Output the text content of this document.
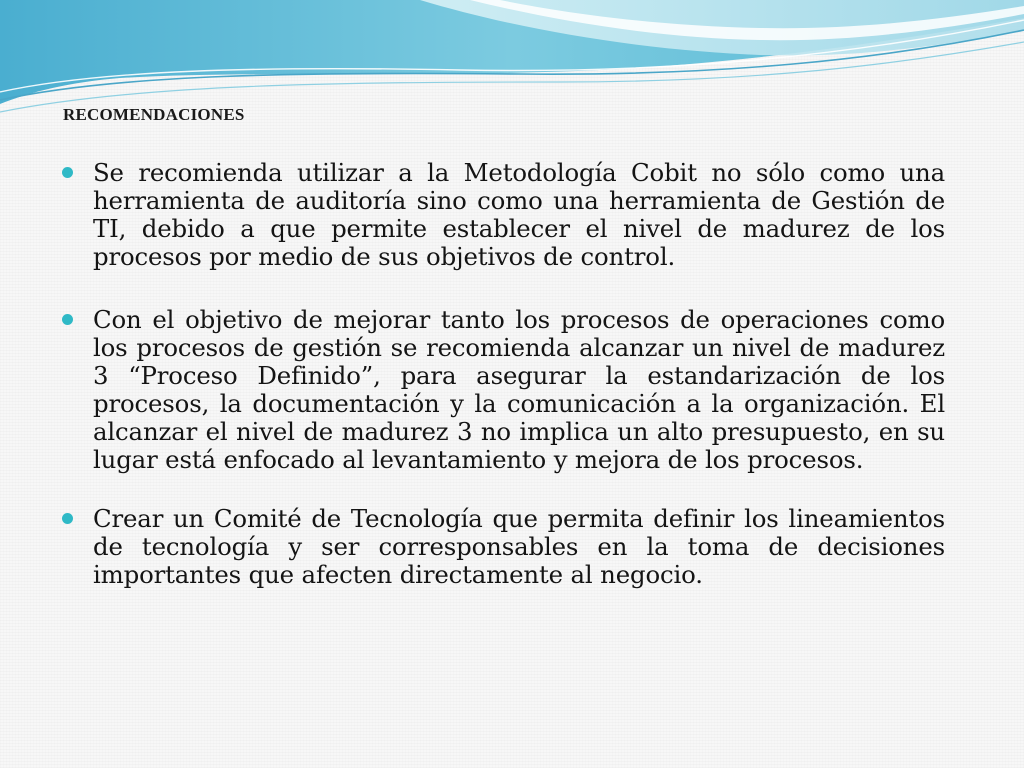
RECOMENDACIONES

Se recomienda utilizar a la Metodología Cobit no sólo como una herramienta de auditoría sino como una herramienta de Gestión de TI, debido a que permite establecer el nivel de madurez de los procesos por medio de sus objetivos de control.

Con el objetivo de mejorar tanto los procesos de operaciones como los procesos de gestión se recomienda alcanzar un nivel de madurez 3 “Proceso Definido”, para asegurar la estandarización de los procesos, la documentación y la comunicación a la organización. El alcanzar el nivel de madurez 3 no implica un alto presupuesto, en su lugar está enfocado al levantamiento y mejora de los procesos.

Crear un Comité de Tecnología que permita definir los lineamientos de tecnología y ser corresponsables en la toma de decisiones importantes que afecten directamente al negocio.
